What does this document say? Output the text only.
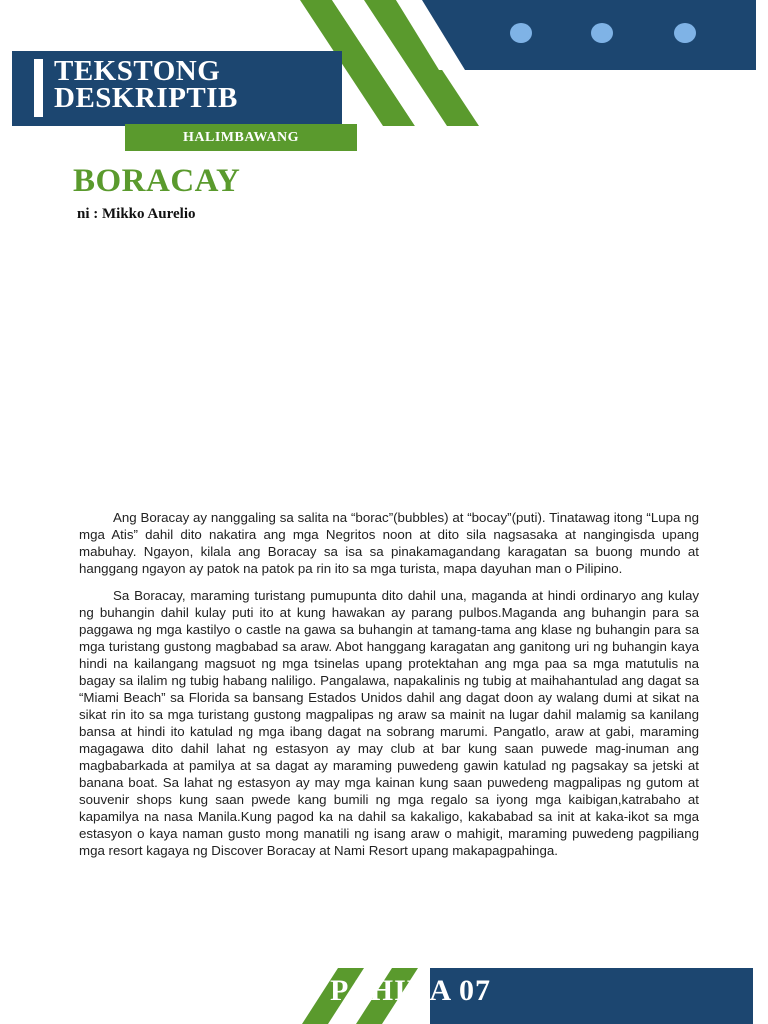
TEKSTONG
DESKRIPTIB
HALIMBAWANG
BORACAY

ni : Mikko Aurelio

Ang Boracay ay nanggaling sa salita na “borac”(bubbles) at “bocay”(puti). Tinatawag itong “Lupa ng mga Atis” dahil dito nakatira ang mga Negritos noon at dito sila nagsasaka at nangingisda upang mabuhay. Ngayon, kilala ang Boracay sa isa sa pinakamagandang karagatan sa buong mundo at hanggang ngayon ay patok na patok pa rin ito sa mga turista, mapa dayuhan man o Pilipino.

Sa Boracay, maraming turistang pumupunta dito dahil una, maganda at hindi ordinaryo ang kulay ng buhangin dahil kulay puti ito at kung hawakan ay parang pulbos.Maganda ang buhangin para sa paggawa ng mga kastilyo o castle na gawa sa buhangin at tamang-tama ang klase ng buhangin para sa mga turistang gustong magbabad sa araw. Abot hanggang karagatan ang ganitong uri ng buhangin kaya hindi na kailangang magsuot ng mga tsinelas upang protektahan ang mga paa sa mga matutulis na bagay sa ilalim ng tubig habang naliligo. Pangalawa, napakalinis ng tubig at maihahantulad ang dagat sa “Miami Beach” sa Florida sa bansang Estados Unidos dahil ang dagat doon ay walang dumi at sikat na sikat rin ito sa mga turistang gustong magpalipas ng araw sa mainit na lugar dahil malamig sa kanilang bansa at hindi ito katulad ng mga ibang dagat na sobrang marumi. Pangatlo, araw at gabi, maraming magagawa dito dahil lahat ng estasyon ay may club at bar kung saan puwede mag-inuman ang magbabarkada at pamilya at sa dagat ay maraming puwedeng gawin katulad ng pagsakay sa jetski at banana boat. Sa lahat ng estasyon ay may mga kainan kung saan puwedeng magpalipas ng gutom at souvenir shops kung saan pwede kang bumili ng mga regalo sa iyong mga kaibigan,katrabaho at kapamilya na nasa Manila.Kung pagod ka na dahil sa kakaligo, kakababad sa init at kaka-ikot sa mga estasyon o kaya naman gusto mong manatili ng isang araw o mahigit, maraming puwedeng pagpiliang mga resort kagaya ng Discover Boracay at Nami Resort upang makapagpahinga.

PAHINA 07
